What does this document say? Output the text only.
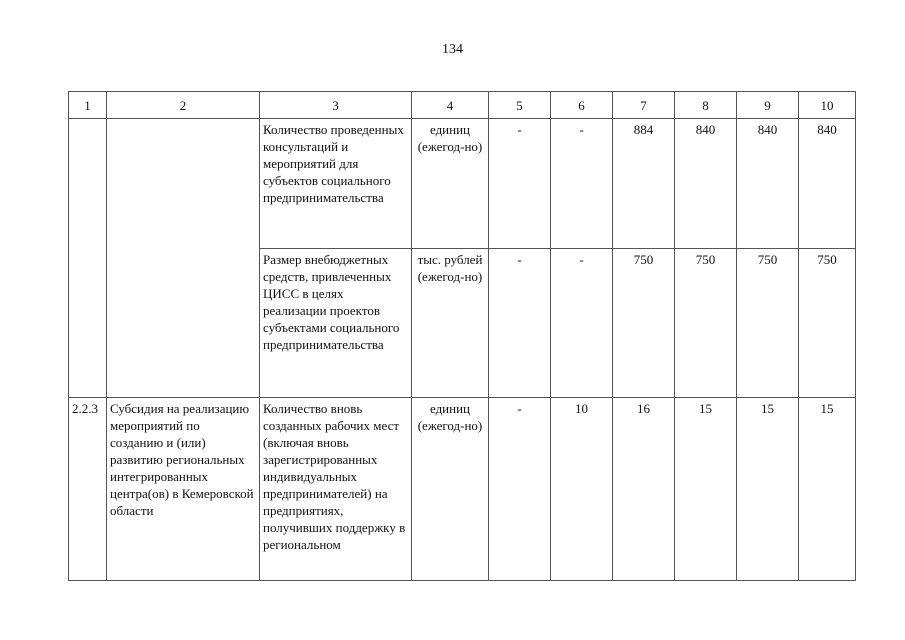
134
1	2	3	4	5	6	7	8	9	10
		Количество проведенных консультаций и мероприятий для субъектов социального предпринимательства	единиц (ежегод-но)	-	-	884	840	840	840
		Размер внебюджетных средств, привлеченных ЦИСС в целях реализации проектов субъектами социального предпринимательства	тыс. рублей (ежегод-но)	-	-	750	750	750	750
2.2.3	Субсидия на реализацию мероприятий по созданию и (или) развитию региональных интегрированных центра(ов) в Кемеровской области	Количество вновь созданных рабочих мест (включая вновь зарегистрированных индивидуальных предпринимателей) на предприятиях, получивших поддержку в региональном	единиц (ежегод-но)	-	10	16	15	15	15
